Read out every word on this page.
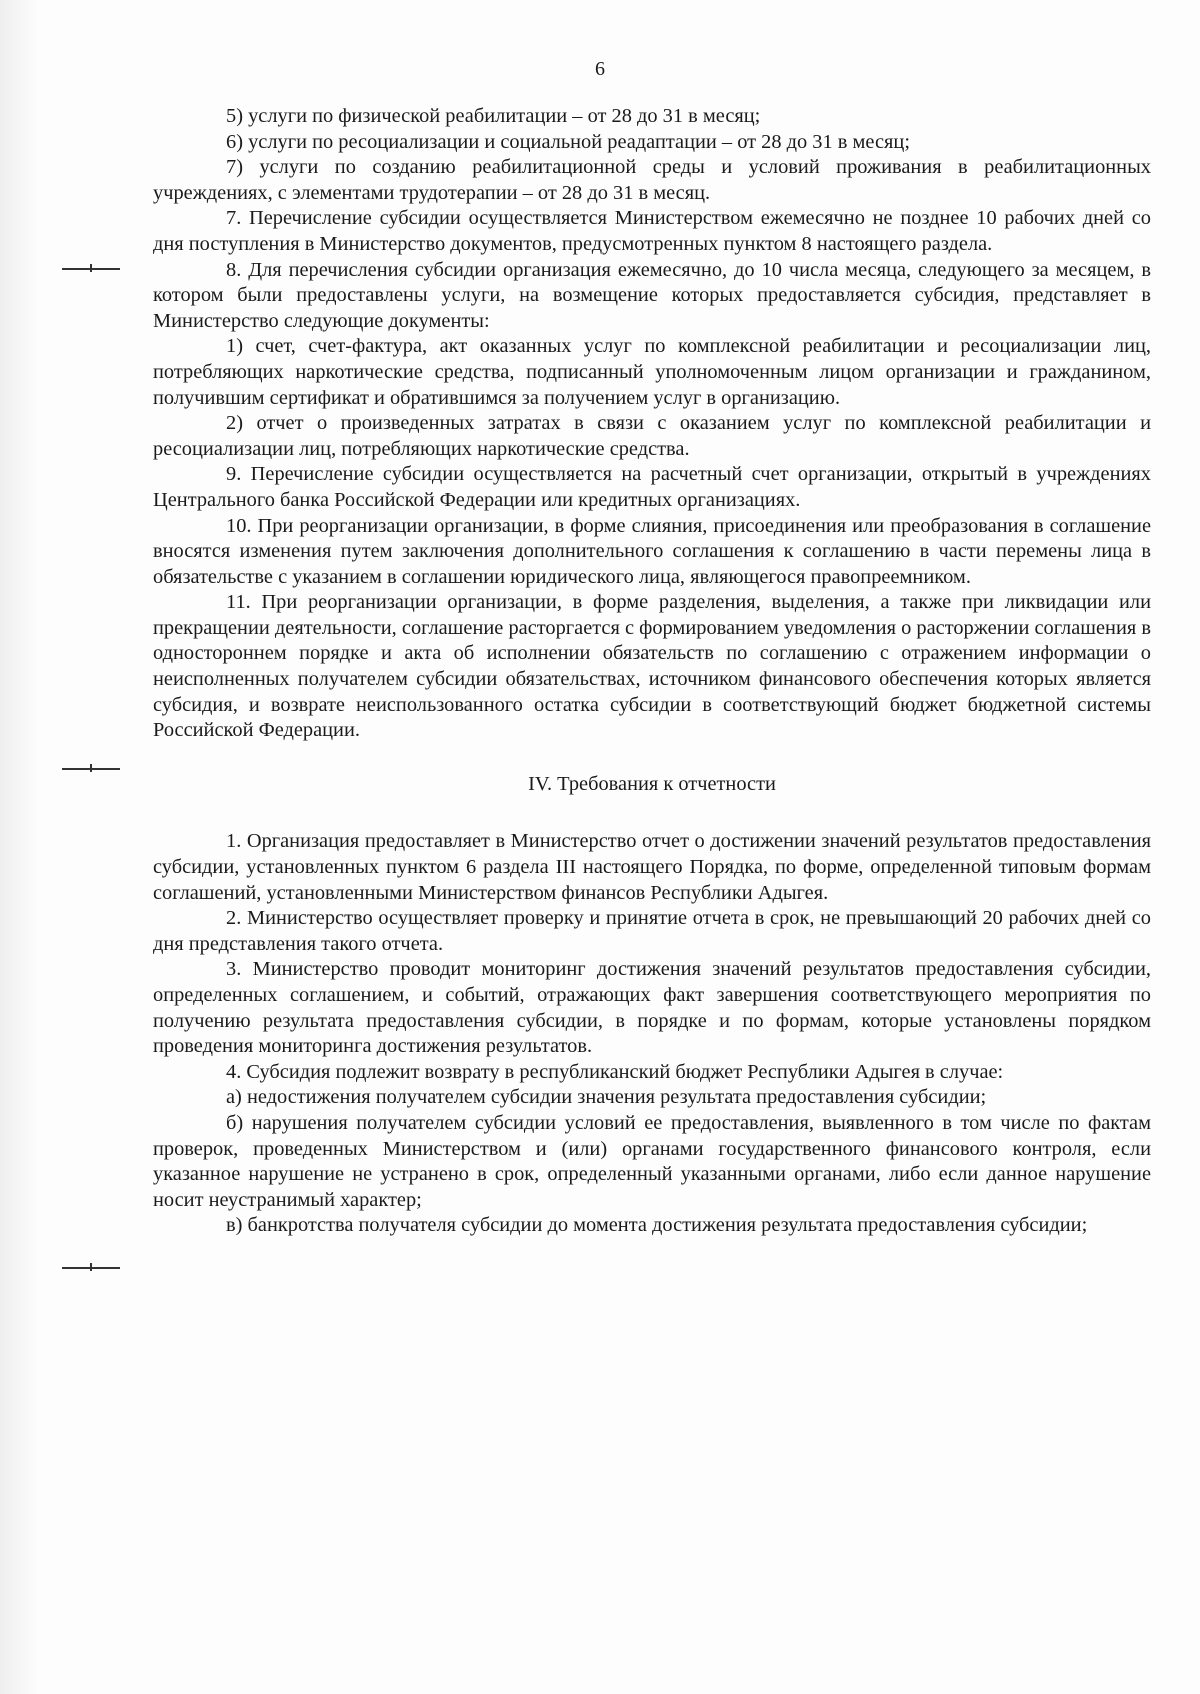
6

5) услуги по физической реабилитации – от 28 до 31 в месяц;

6) услуги по ресоциализации и социальной реадаптации – от 28 до 31 в месяц;

7) услуги по созданию реабилитационной среды и условий проживания в реабилитационных учреждениях, с элементами трудотерапии – от 28 до 31 в месяц.

7. Перечисление субсидии осуществляется Министерством ежемесячно не позднее 10 рабочих дней со дня поступления в Министерство документов, предусмотренных пунктом 8 настоящего раздела.

8. Для перечисления субсидии организация ежемесячно, до 10 числа месяца, следующего за месяцем, в котором были предоставлены услуги, на возмещение которых предоставляется субсидия, представляет в Министерство следующие документы:

1) счет, счет-фактура, акт оказанных услуг по комплексной реабилитации и ресоциализации лиц, потребляющих наркотические средства, подписанный уполномоченным лицом организации и гражданином, получившим сертификат и обратившимся за получением услуг в организацию.

2) отчет о произведенных затратах в связи с оказанием услуг по комплексной реабилитации и ресоциализации лиц, потребляющих наркотические средства.

9. Перечисление субсидии осуществляется на расчетный счет организации, открытый в учреждениях Центрального банка Российской Федерации или кредитных организациях.

10. При реорганизации организации, в форме слияния, присоединения или преобразования в соглашение вносятся изменения путем заключения дополнительного соглашения к соглашению в части перемены лица в обязательстве с указанием в соглашении юридического лица, являющегося правопреемником.

11. При реорганизации организации, в форме разделения, выделения, а также при ликвидации или прекращении деятельности, соглашение расторгается с формированием уведомления о расторжении соглашения в одностороннем порядке и акта об исполнении обязательств по соглашению с отражением информации о неисполненных получателем субсидии обязательствах, источником финансового обеспечения которых является субсидия, и возврате неиспользованного остатка субсидии в соответствующий бюджет бюджетной системы Российской Федерации.

IV. Требования к отчетности

1. Организация предоставляет в Министерство отчет о достижении значений результатов предоставления субсидии, установленных пунктом 6 раздела III настоящего Порядка, по форме, определенной типовым формам соглашений, установленными Министерством финансов Республики Адыгея.

2. Министерство осуществляет проверку и принятие отчета в срок, не превышающий 20 рабочих дней со дня представления такого отчета.

3. Министерство проводит мониторинг достижения значений результатов предоставления субсидии, определенных соглашением, и событий, отражающих факт завершения соответствующего мероприятия по получению результата предоставления субсидии, в порядке и по формам, которые установлены порядком проведения мониторинга достижения результатов.

4. Субсидия подлежит возврату в республиканский бюджет Республики Адыгея в случае:

а) недостижения получателем субсидии значения результата предоставления субсидии;

б) нарушения получателем субсидии условий ее предоставления, выявленного в том числе по фактам проверок, проведенных Министерством и (или) органами государственного финансового контроля, если указанное нарушение не устранено в срок, определенный указанными органами, либо если данное нарушение носит неустранимый характер;

в) банкротства получателя субсидии до момента достижения результата предоставления субсидии;
